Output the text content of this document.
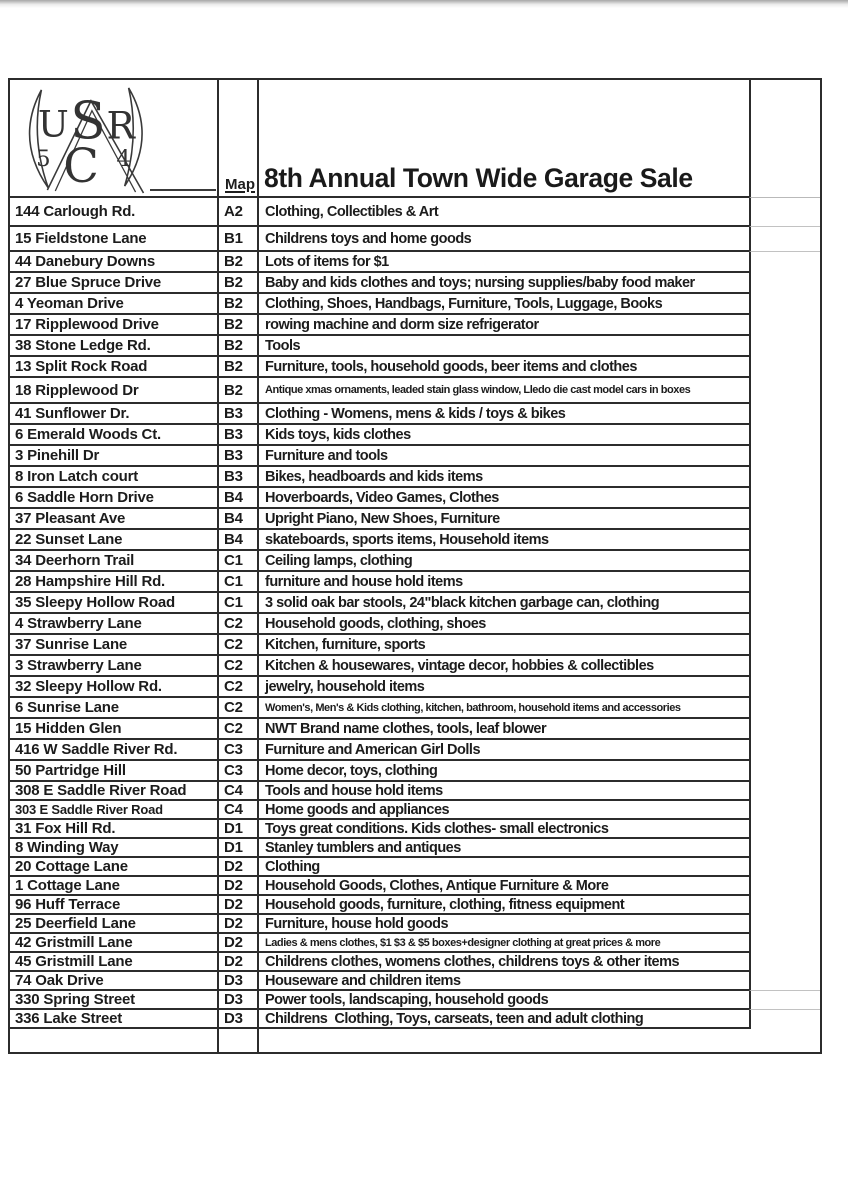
U S R
5	4
C	Map 8th Annual Town Wide Garage Sale
144 Carlough Rd.	A2 Clothing, Collectibles & Art
15 Fieldstone Lane	B1 Childrens toys and home goods
44 Danebury Downs	B2 Lots of items for $1
27 Blue Spruce Drive	B2 Baby and kids clothes and toys; nursing supplies/baby food maker
4 Yeoman Drive	B2 Clothing, Shoes, Handbags, Furniture, Tools, Luggage, Books
17 Ripplewood Drive	B2 rowing machine and dorm size refrigerator
38 Stone Ledge Rd.	B2 Tools
13 Split Rock Road	B2 Furniture, tools, household goods, beer items and clothes
18 Ripplewood Dr	B2 Antique xmas ornaments, leaded stain glass window, Lledo die cast model cars in boxes
41 Sunflower Dr.	B3 Clothing - Womens, mens & kids / toys & bikes
6 Emerald Woods Ct.	B3 Kids toys, kids clothes
3 Pinehill Dr	B3 Furniture and tools
8 Iron Latch court	B3 Bikes, headboards and kids items
6 Saddle Horn Drive	B4 Hoverboards, Video Games, Clothes
37 Pleasant Ave	B4 Upright Piano, New Shoes, Furniture
22 Sunset Lane	B4 skateboards, sports items, Household items
34 Deerhorn Trail	C1 Ceiling lamps, clothing
28 Hampshire Hill Rd.	C1 furniture and house hold items
35 Sleepy Hollow Road	C1 3 solid oak bar stools, 24"black kitchen garbage can, clothing
4 Strawberry Lane	C2 Household goods, clothing, shoes
37 Sunrise Lane	C2 Kitchen, furniture, sports
3 Strawberry Lane	C2 Kitchen & housewares, vintage decor, hobbies & collectibles
32 Sleepy Hollow Rd.	C2 jewelry, household items
6 Sunrise Lane	C2 Women's, Men's & Kids clothing, kitchen, bathroom, household items and accessories
15 Hidden Glen	C2 NWT Brand name clothes, tools, leaf blower
416 W Saddle River Rd.	C3 Furniture and American Girl Dolls
50 Partridge Hill	C3 Home decor, toys, clothing
308 E Saddle River Road	C4 Tools and house hold items
303 E Saddle River Road	C4 Home goods and appliances
31 Fox Hill Rd.	D1 Toys great conditions. Kids clothes- small electronics
8 Winding Way	D1 Stanley tumblers and antiques
20 Cottage Lane	D2 Clothing
1 Cottage Lane	D2 Household Goods, Clothes, Antique Furniture & More
96 Huff Terrace	D2 Household goods, furniture, clothing, fitness equipment
25 Deerfield Lane	D2 Furniture, house hold goods
42 Gristmill Lane	D2 Ladies & mens clothes, $1 $3 & $5 boxes+designer clothing at great prices & more
45 Gristmill Lane	D2 Childrens clothes, womens clothes, childrens toys & other items
74 Oak Drive	D3 Houseware and children items
330 Spring Street	D3 Power tools, landscaping, household goods
336 Lake Street	D3 Childrens  Clothing, Toys, carseats, teen and adult clothing
